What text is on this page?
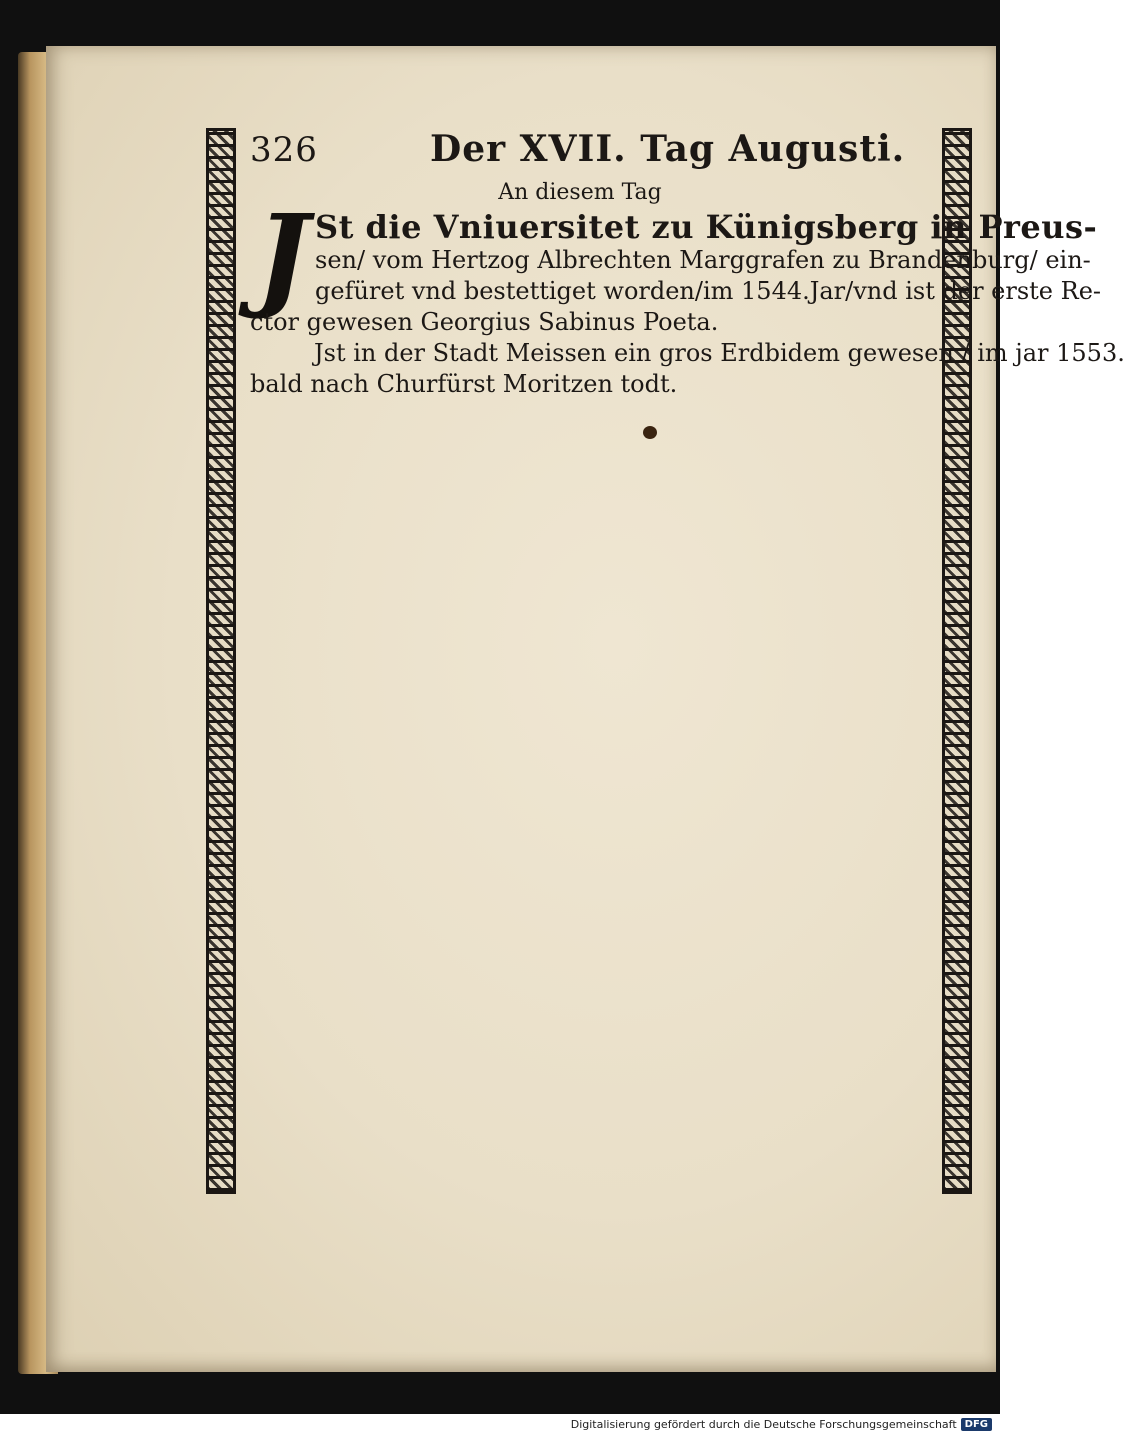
326	Der XVII. Tag Augusti.
An diesem Tag
J St die Vniuersitet zu Künigsberg in Preus-
sen/ vom Hertzog Albrechten Marggrafen zu Brandenburg/ ein-
gefüret vnd bestettiget worden/im 1544.Jar/vnd ist der erste Re-
ctor gewesen Georgius Sabinus Poeta.
Jst in der Stadt Meissen ein gros Erdbidem gewesen / im jar 1553.
bald nach Churfürst Moritzen todt.
Digitalisierung gefördert durch die Deutsche Forschungsgemeinschaft DFG
